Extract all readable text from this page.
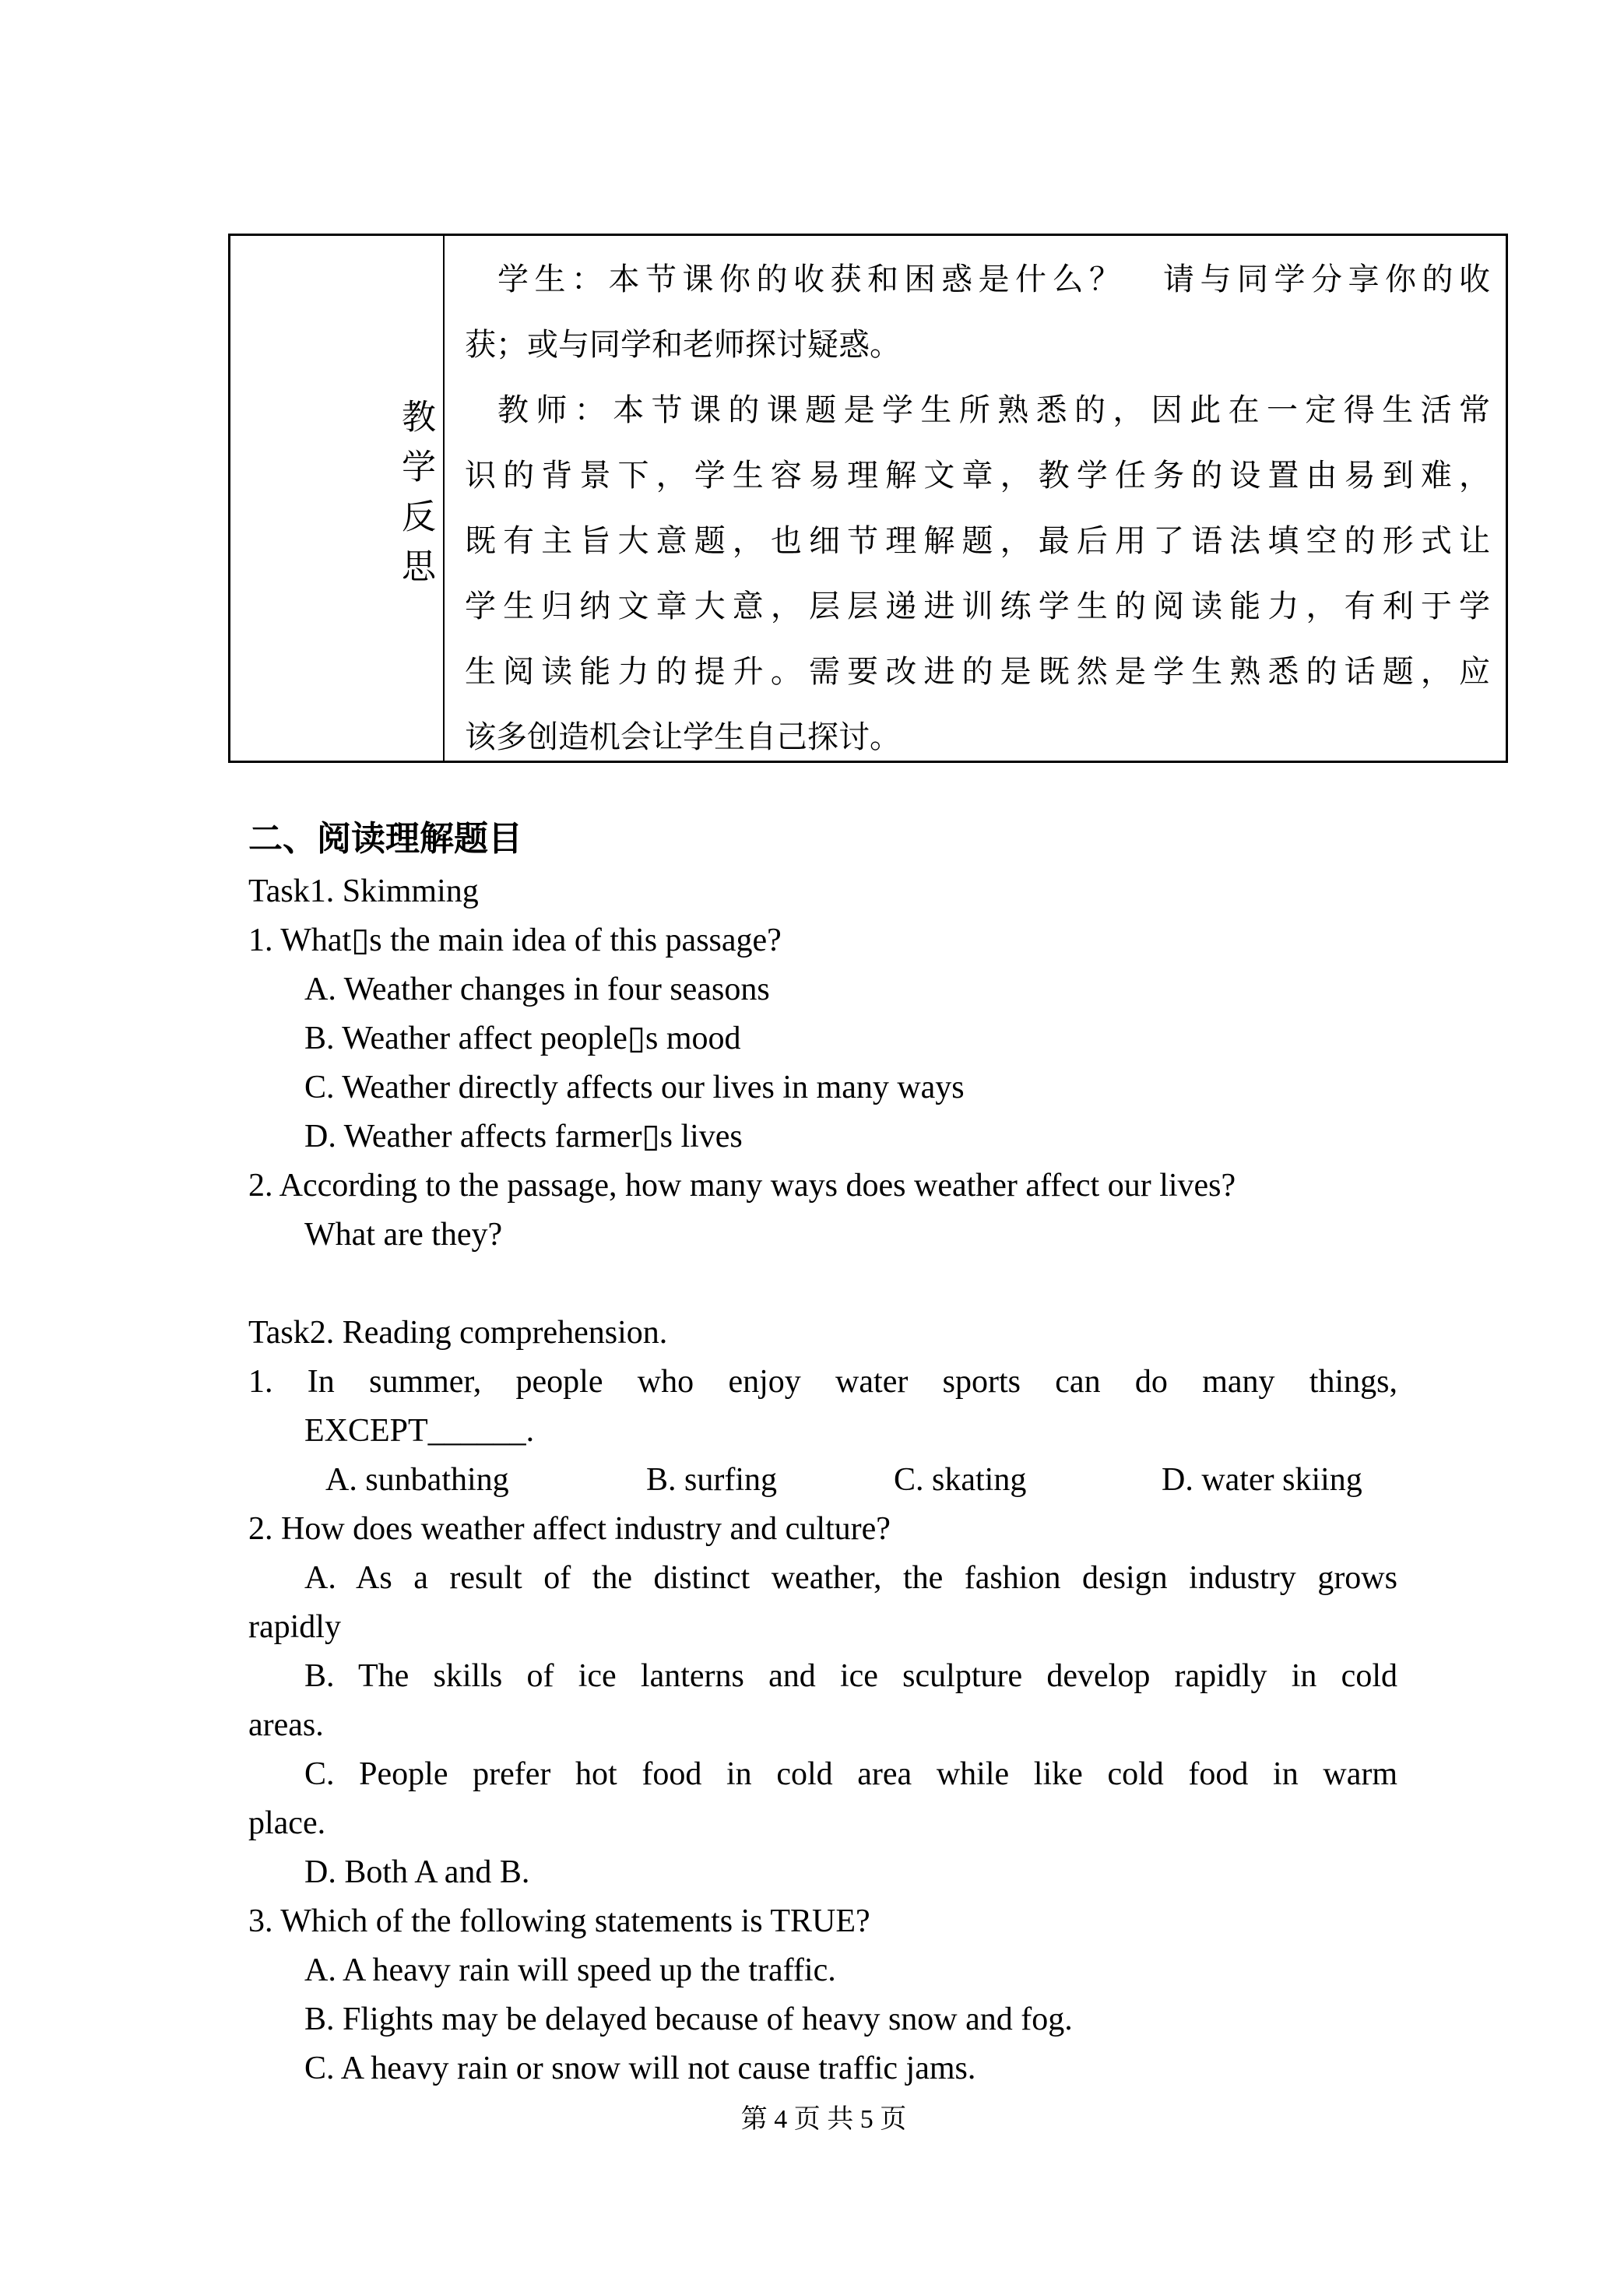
教学反思
学生：本节课你的收获和困惑是什么？　请与同学分享你的收
获；或与同学和老师探讨疑惑。
教师：本节课的课题是学生所熟悉的，因此在一定得生活常
识的背景下，学生容易理解文章，教学任务的设置由易到难，
既有主旨大意题，也细节理解题，最后用了语法填空的形式让
学生归纳文章大意，层层递进训练学生的阅读能力，有利于学
生阅读能力的提升。需要改进的是既然是学生熟悉的话题，应
该多创造机会让学生自己探讨。
二、阅读理解题目
Task1. Skimming
1. What▯s the main idea of this passage?
A. Weather changes in four seasons
B. Weather affect people▯s mood
C. Weather directly affects our lives in many ways
D. Weather affects farmer▯s lives
2. According to the passage, how many ways does weather affect our lives?
What are they?
Task2. Reading comprehension.
1. In summer, people who enjoy water sports can do many things,
EXCEPT______.
A. sunbathing	B. surfing	C. skating	D. water skiing
2. How does weather affect industry and culture?
A. As a result of the distinct weather, the fashion design industry grows
rapidly
B. The skills of ice lanterns and ice sculpture develop rapidly in cold
areas.
C. People prefer hot food in cold area while like cold food in warm
place.
D. Both A and B.
3. Which of the following statements is TRUE?
A. A heavy rain will speed up the traffic.
B. Flights may be delayed because of heavy snow and fog.
C. A heavy rain or snow will not cause traffic jams.
第 4 页 共 5 页
